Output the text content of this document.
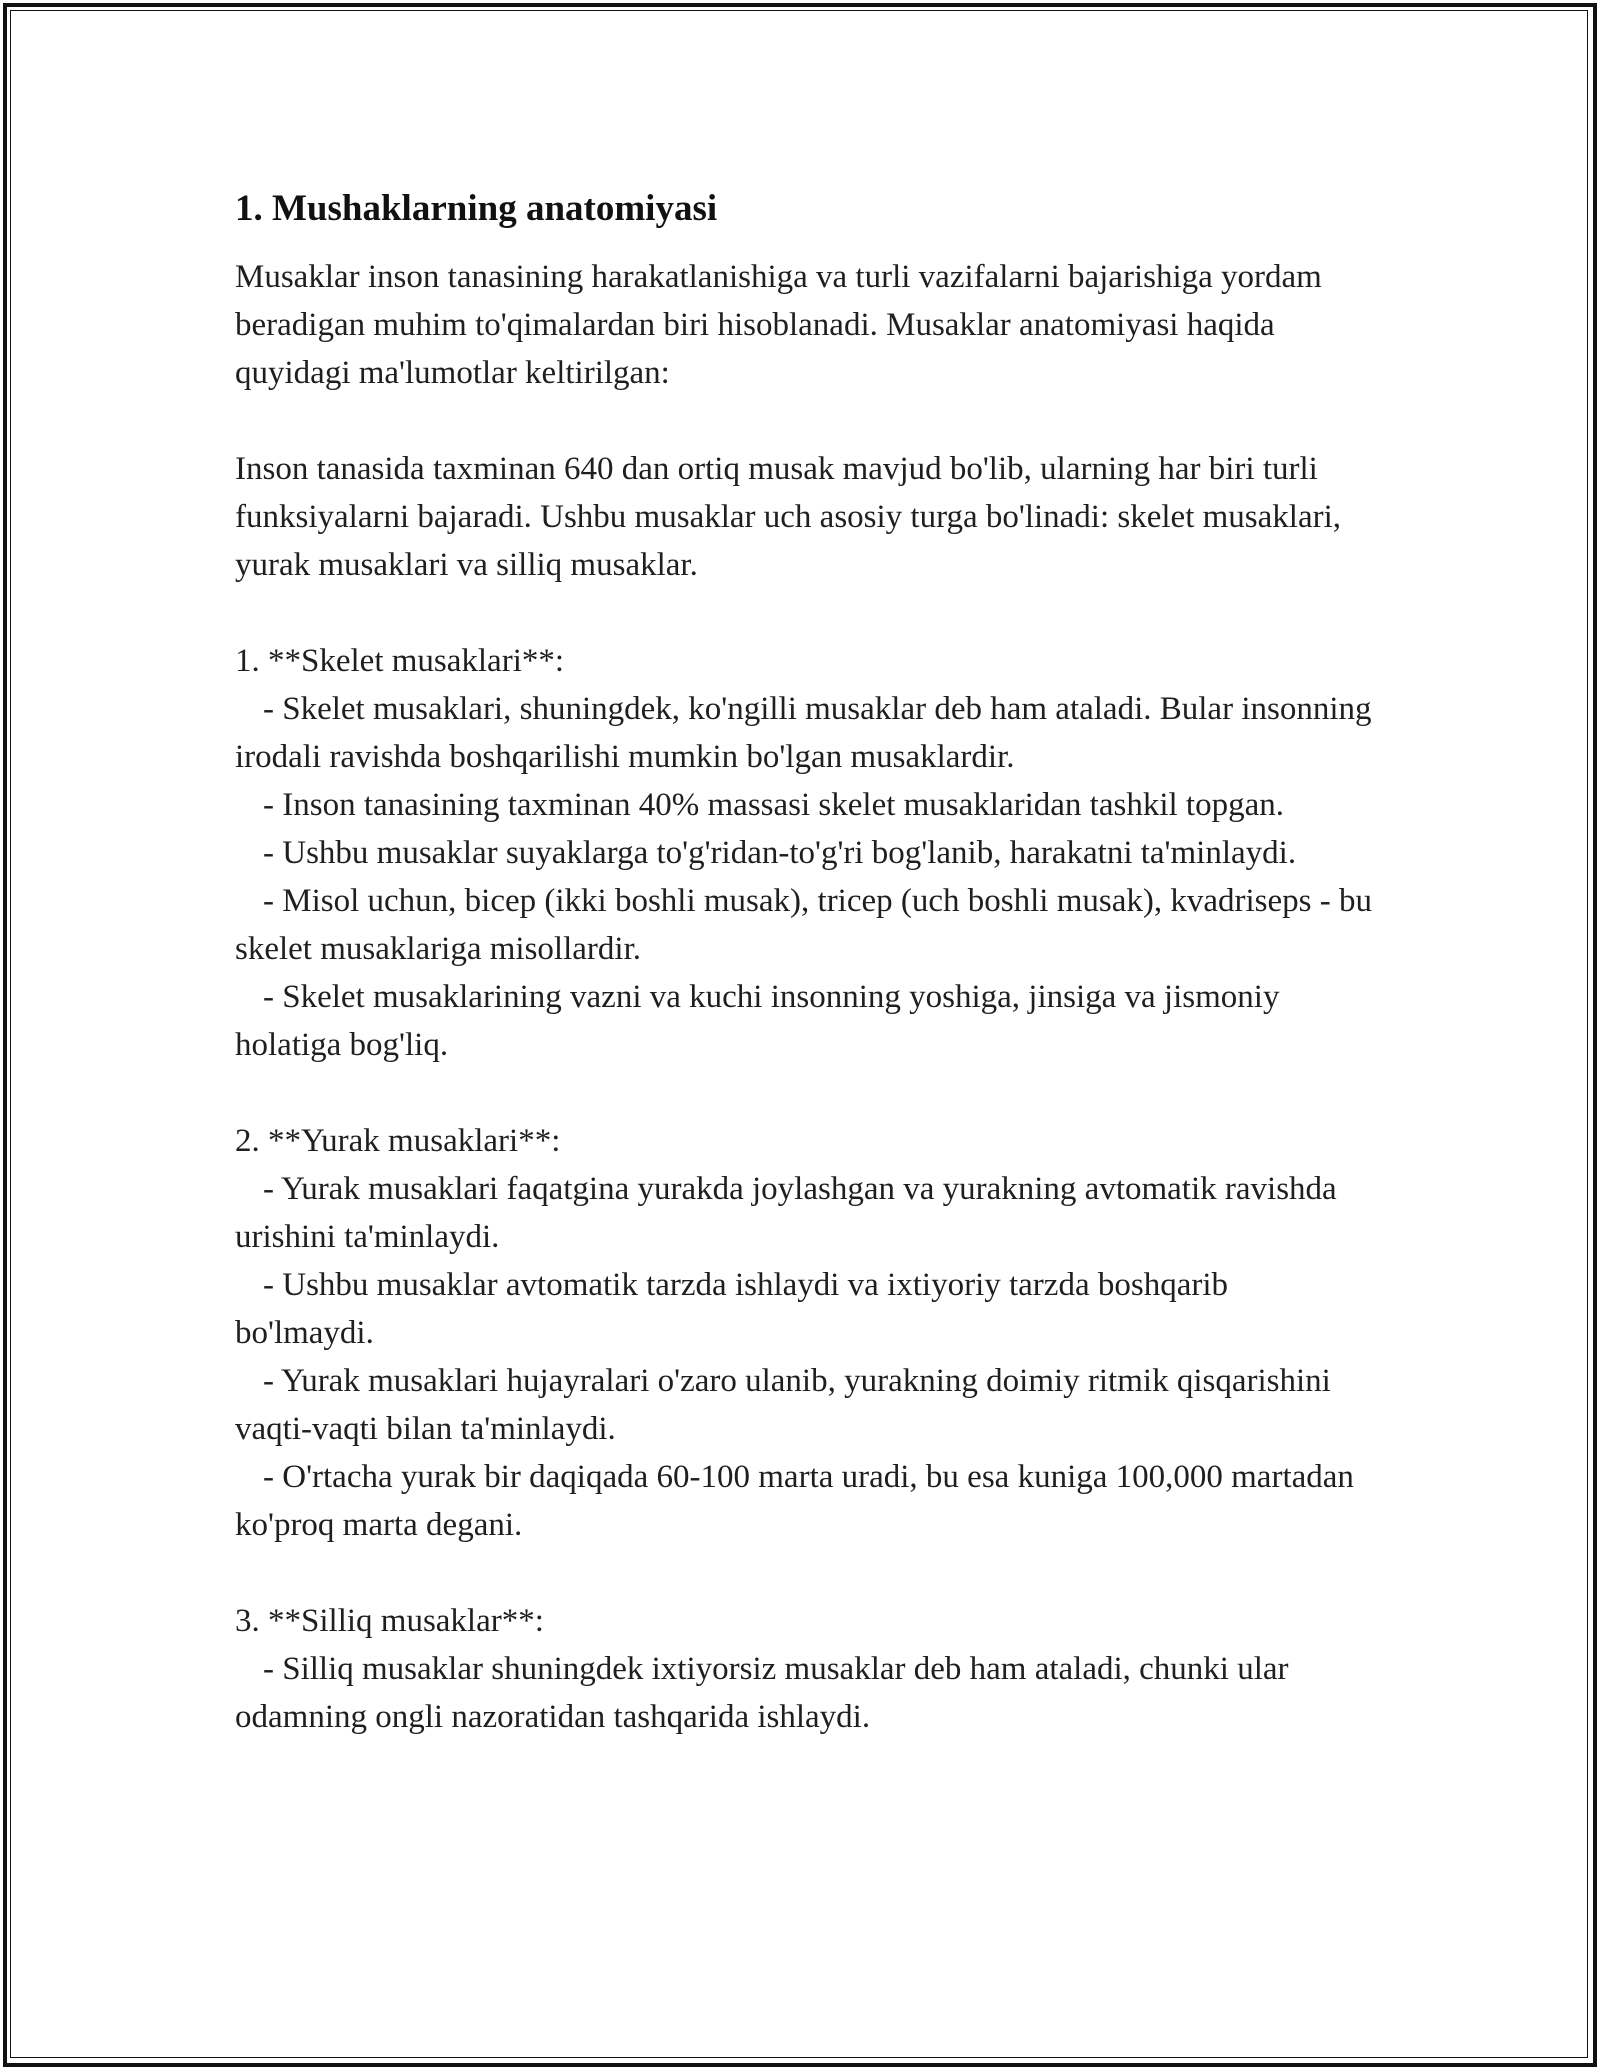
1. Mushaklarning anatomiyasi

Musaklar inson tanasining harakatlanishiga va turli vazifalarni bajarishiga yordam beradigan muhim to'qimalardan biri hisoblanadi. Musaklar anatomiyasi haqida quyidagi ma'lumotlar keltirilgan:

Inson tanasida taxminan 640 dan ortiq musak mavjud bo'lib, ularning har biri turli funksiyalarni bajaradi. Ushbu musaklar uch asosiy turga bo'linadi: skelet musaklari, yurak musaklari va silliq musaklar.

1. **Skelet musaklari**:

- Skelet musaklari, shuningdek, ko'ngilli musaklar deb ham ataladi. Bular insonning irodali ravishda boshqarilishi mumkin bo'lgan musaklardir.

- Inson tanasining taxminan 40% massasi skelet musaklaridan tashkil topgan.

- Ushbu musaklar suyaklarga to'g'ridan-to'g'ri bog'lanib, harakatni ta'minlaydi.

- Misol uchun, bicep (ikki boshli musak), tricep (uch boshli musak), kvadriseps - bu skelet musaklariga misollardir.

- Skelet musaklarining vazni va kuchi insonning yoshiga, jinsiga va jismoniy holatiga bog'liq.

2. **Yurak musaklari**:

- Yurak musaklari faqatgina yurakda joylashgan va yurakning avtomatik ravishda urishini ta'minlaydi.

- Ushbu musaklar avtomatik tarzda ishlaydi va ixtiyoriy tarzda boshqarib bo'lmaydi.

- Yurak musaklari hujayralari o'zaro ulanib, yurakning doimiy ritmik qisqarishini vaqti-vaqti bilan ta'minlaydi.

- O'rtacha yurak bir daqiqada 60-100 marta uradi, bu esa kuniga 100,000 martadan ko'proq marta degani.

3. **Silliq musaklar**:

- Silliq musaklar shuningdek ixtiyorsiz musaklar deb ham ataladi, chunki ular odamning ongli nazoratidan tashqarida ishlaydi.
